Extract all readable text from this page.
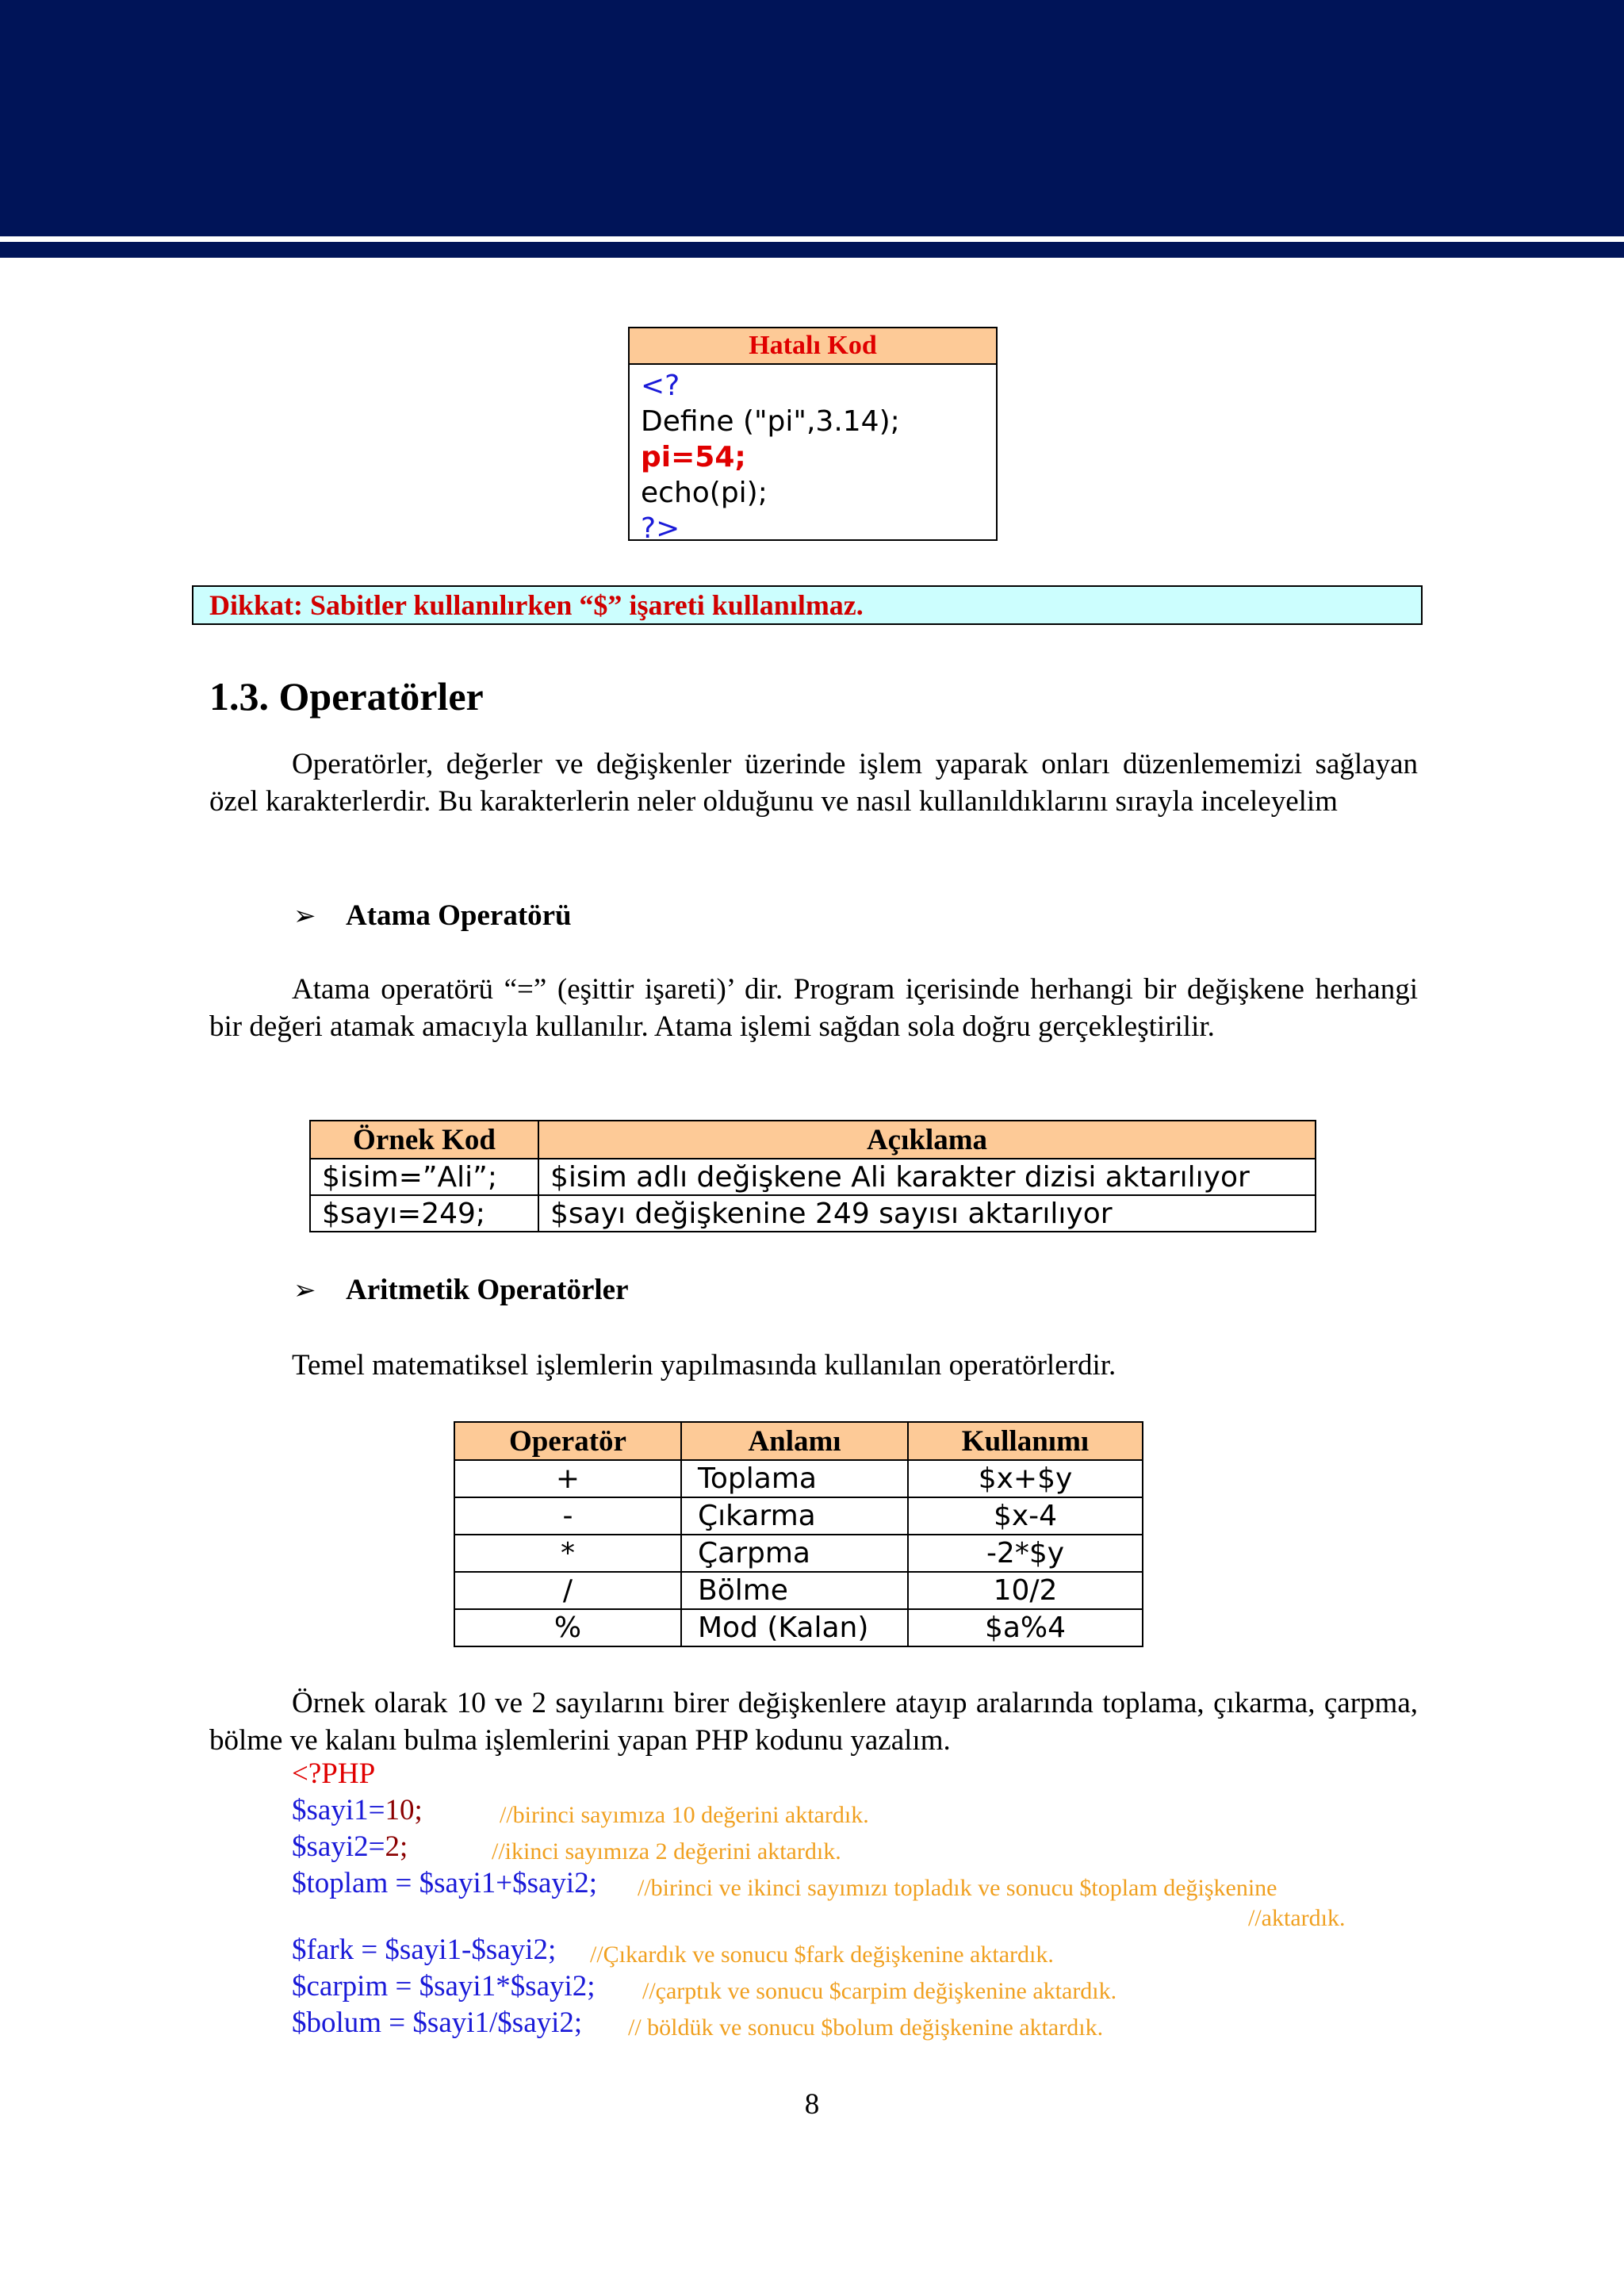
Hatalı Kod
<?
Define ("pi",3.14);
pi=54;
echo(pi);
?>
Dikkat: Sabitler kullanılırken “$” işareti kullanılmaz.
1.3. Operatörler
Operatörler, değerler ve değişkenler üzerinde işlem yaparak onları düzenlememizi sağlayan özel karakterlerdir. Bu karakterlerin neler olduğunu ve nasıl kullanıldıklarını sırayla inceleyelim
➢ Atama Operatörü
Atama operatörü “=” (eşittir işareti)’ dir. Program içerisinde herhangi bir değişkene herhangi bir değeri atamak amacıyla kullanılır. Atama işlemi sağdan sola doğru gerçekleştirilir.
Örnek Kod	Açıklama
$isim=”Ali”;	$isim adlı değişkene Ali karakter dizisi aktarılıyor
$sayı=249;	$sayı değişkenine 249 sayısı aktarılıyor
➢ Aritmetik Operatörler
Temel matematiksel işlemlerin yapılmasında kullanılan operatörlerdir.
Operatör	Anlamı	Kullanımı
+	Toplama	$x+$y
-	Çıkarma	$x-4
*	Çarpma	-2*$y
/	Bölme	10/2
%	Mod (Kalan)	$a%4
Örnek olarak 10 ve 2 sayılarını birer değişkenlere atayıp aralarında toplama, çıkarma, çarpma, bölme ve kalanı bulma işlemlerini yapan PHP kodunu yazalım.
<?PHP
$sayi1=10;	//birinci sayımıza 10 değerini aktardık.
$sayi2=2;	//ikinci sayımıza 2 değerini aktardık.
$toplam = $sayi1+$sayi2; //birinci ve ikinci sayımızı topladık ve sonucu $toplam değişkenine
//aktardık.
$fark = $sayi1-$sayi2; //Çıkardık ve sonucu $fark değişkenine aktardık.
$carpim = $sayi1*$sayi2; //çarptık ve sonucu $carpim değişkenine aktardık.
$bolum = $sayi1/$sayi2; // böldük ve sonucu $bolum değişkenine aktardık.
8
